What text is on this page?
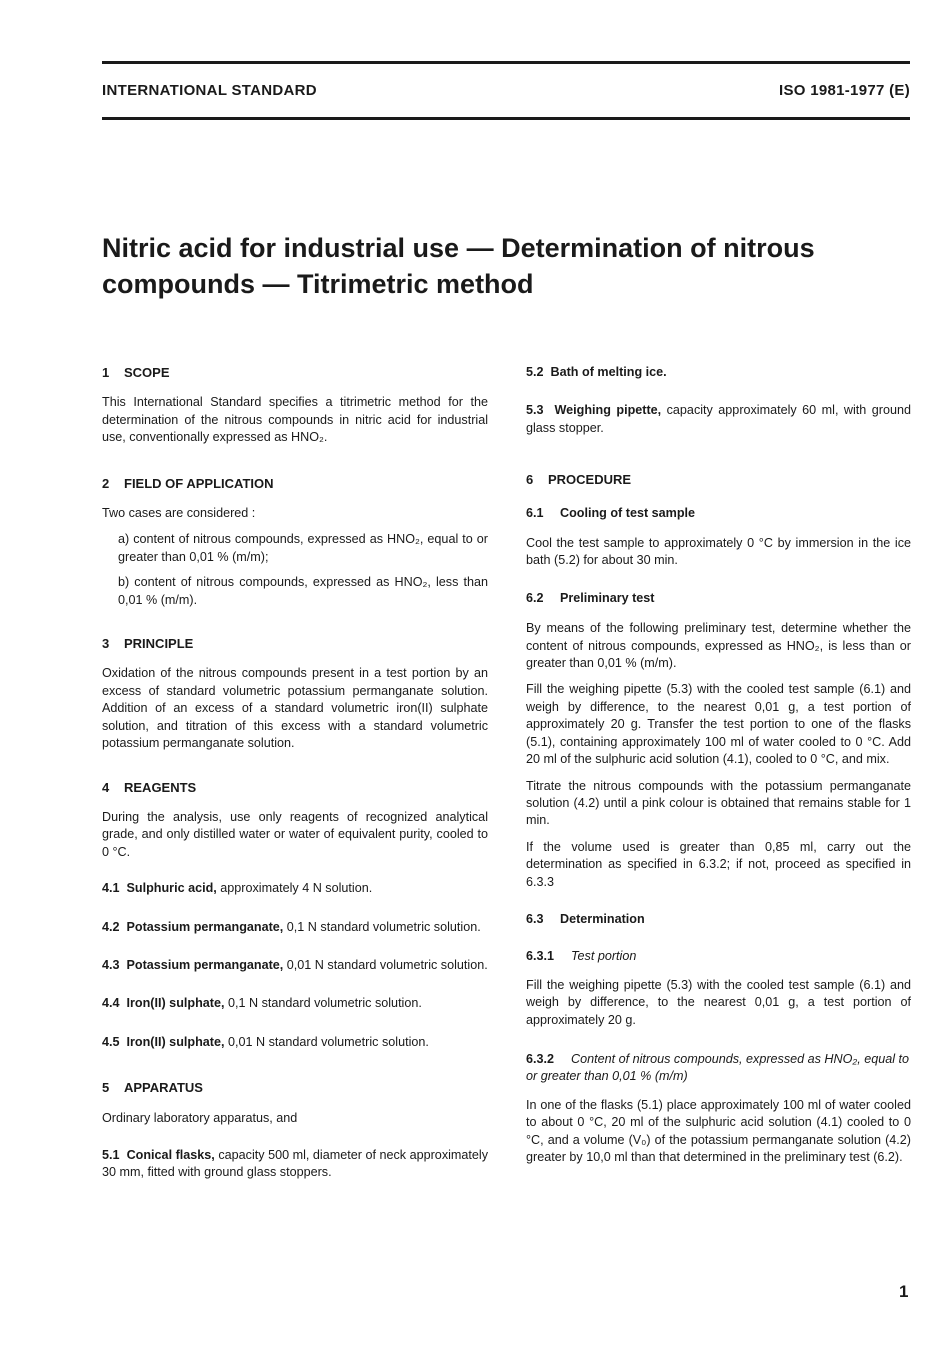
INTERNATIONAL STANDARD	ISO 1981-1977 (E)
Nitric acid for industrial use — Determination of nitrous
compounds — Titrimetric method
1 SCOPE

This International Standard specifies a titrimetric method for the determination of the nitrous compounds in nitric acid for industrial use, conventionally expressed as HNO₂.

2 FIELD OF APPLICATION

Two cases are considered :

a) content of nitrous compounds, expressed as HNO₂, equal to or greater than 0,01 % (m/m);

b) content of nitrous compounds, expressed as HNO₂, less than 0,01 % (m/m).

3 PRINCIPLE

Oxidation of the nitrous compounds present in a test portion by an excess of standard volumetric potassium permanganate solution. Addition of an excess of a standard volumetric iron(II) sulphate solution, and titration of this excess with a standard volumetric potassium permanganate solution.

4 REAGENTS

During the analysis, use only reagents of recognized analytical grade, and only distilled water or water of equivalent purity, cooled to 0 °C.

4.1 Sulphuric acid, approximately 4 N solution.

4.2 Potassium permanganate, 0,1 N standard volumetric solution.

4.3 Potassium permanganate, 0,01 N standard volumetric solution.

4.4 Iron(II) sulphate, 0,1 N standard volumetric solution.

4.5 Iron(II) sulphate, 0,01 N standard volumetric solution.

5 APPARATUS

Ordinary laboratory apparatus, and

5.1 Conical flasks, capacity 500 ml, diameter of neck approximately 30 mm, fitted with ground glass stoppers.

5.2 Bath of melting ice.

5.3 Weighing pipette, capacity approximately 60 ml, with ground glass stopper.

6 PROCEDURE
6.1 Cooling of test sample

Cool the test sample to approximately 0 °C by immersion in the ice bath (5.2) for about 30 min.

6.2 Preliminary test

By means of the following preliminary test, determine whether the content of nitrous compounds, expressed as HNO₂, is less than or greater than 0,01 % (m/m).

Fill the weighing pipette (5.3) with the cooled test sample (6.1) and weigh by difference, to the nearest 0,01 g, a test portion of approximately 20 g. Transfer the test portion to one of the flasks (5.1), containing approximately 100 ml of water cooled to 0 °C. Add 20 ml of the sulphuric acid solution (4.1), cooled to 0 °C, and mix.

Titrate the nitrous compounds with the potassium permanganate solution (4.2) until a pink colour is obtained that remains stable for 1 min.

If the volume used is greater than 0,85 ml, carry out the determination as specified in 6.3.2; if not, proceed as specified in 6.3.3

6.3 Determination
6.3.1 Test portion

Fill the weighing pipette (5.3) with the cooled test sample (6.1) and weigh by difference, to the nearest 0,01 g, a test portion of approximately 20 g.

6.3.2 Content of nitrous compounds, expressed as HNO₂, equal to or greater than 0,01 % (m/m)

In one of the flasks (5.1) place approximately 100 ml of water cooled to about 0 °C, 20 ml of the sulphuric acid solution (4.1) cooled to 0 °C, and a volume (V₀) of the potassium permanganate solution (4.2) greater by 10,0 ml than that determined in the preliminary test (6.2).

1
